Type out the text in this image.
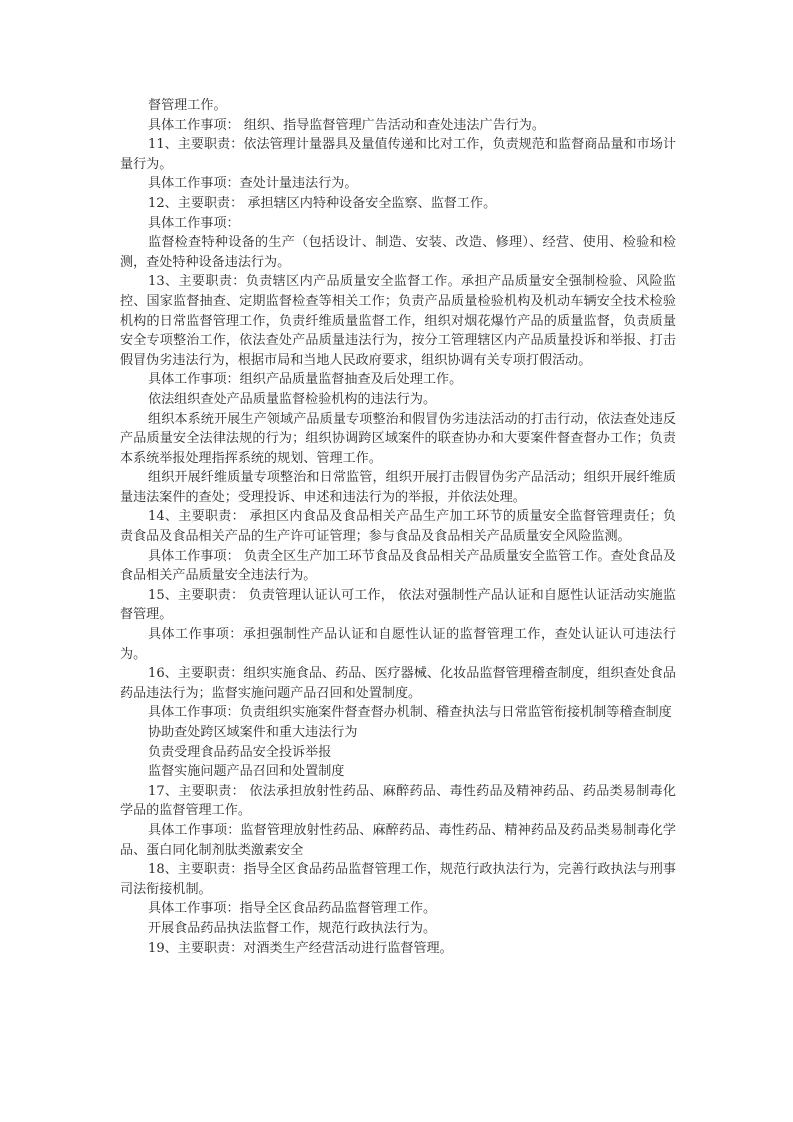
督管理工作。

具体工作事项： 组织、指导监督管理广告活动和查处违法广告行为。

11、主要职责：依法管理计量器具及量值传递和比对工作，负责规范和监督商品量和市场计量行为。

具体工作事项：查处计量违法行为。

12、主要职责： 承担辖区内特种设备安全监察、监督工作。

具体工作事项：

监督检查特种设备的生产（包括设计、制造、安装、改造、修理）、经营、使用、检验和检测，查处特种设备违法行为。

13、主要职责：负责辖区内产品质量安全监督工作。承担产品质量安全强制检验、风险监控、国家监督抽查、定期监督检查等相关工作；负责产品质量检验机构及机动车辆安全技术检验机构的日常监督管理工作，负责纤维质量监督工作，组织对烟花爆竹产品的质量监督，负责质量安全专项整治工作，依法查处产品质量违法行为，按分工管理辖区内产品质量投诉和举报、打击假冒伪劣违法行为，根据市局和当地人民政府要求，组织协调有关专项打假活动。

具体工作事项：组织产品质量监督抽查及后处理工作。

依法组织查处产品质量监督检验机构的违法行为。

组织本系统开展生产领域产品质量专项整治和假冒伪劣违法活动的打击行动，依法查处违反产品质量安全法律法规的行为；组织协调跨区域案件的联查协办和大要案件督查督办工作；负责本系统举报处理指挥系统的规划、管理工作。

组织开展纤维质量专项整治和日常监管，组织开展打击假冒伪劣产品活动；组织开展纤维质量违法案件的查处；受理投诉、申述和违法行为的举报，并依法处理。

14、主要职责： 承担区内食品及食品相关产品生产加工环节的质量安全监督管理责任；负责食品及食品相关产品的生产许可证管理；参与食品及食品相关产品质量安全风险监测。

具体工作事项： 负责全区生产加工环节食品及食品相关产品质量安全监管工作。查处食品及食品相关产品质量安全违法行为。

15、主要职责： 负责管理认证认可工作， 依法对强制性产品认证和自愿性认证活动实施监督管理。

具体工作事项：承担强制性产品认证和自愿性认证的监督管理工作，查处认证认可违法行为。

16、主要职责：组织实施食品、药品、医疗器械、化妆品监督管理稽查制度，组织查处食品药品违法行为；监督实施问题产品召回和处置制度。

具体工作事项：负责组织实施案件督查督办机制、稽查执法与日常监管衔接机制等稽查制度

协助查处跨区域案件和重大违法行为

负责受理食品药品安全投诉举报

监督实施问题产品召回和处置制度

17、主要职责： 依法承担放射性药品、麻醉药品、毒性药品及精神药品、药品类易制毒化学品的监督管理工作。

具体工作事项：监督管理放射性药品、麻醉药品、毒性药品、精神药品及药品类易制毒化学品、蛋白同化制剂肽类激素安全

18、主要职责：指导全区食品药品监督管理工作，规范行政执法行为，完善行政执法与刑事司法衔接机制。

具体工作事项：指导全区食品药品监督管理工作。

开展食品药品执法监督工作，规范行政执法行为。

19、主要职责：对酒类生产经营活动进行监督管理。
